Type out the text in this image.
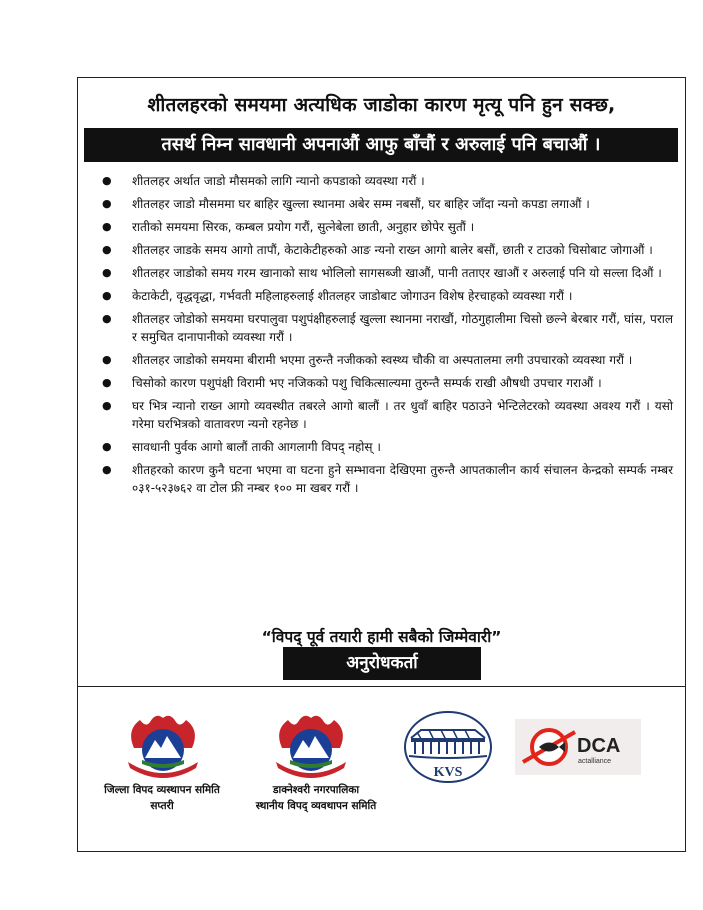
शीतलहरको समयमा अत्यधिक जाडोका कारण मृत्यू पनि हुन सक्छ,
तसर्थ निम्न सावधानी अपनाऔं आफु बाँचौं र अरुलाई पनि बचाऔं ।
● शीतलहर अर्थात जाडो मौसमको लागि न्यानो कपडाको व्यवस्था गरौं ।
● शीतलहर जाडो मौसममा घर बाहिर खुल्ला स्थानमा अबेर सम्म नबसौं, घर बाहिर जाँदा न्यनो कपडा लगाऔं ।
● रातीको समयमा सिरक, कम्बल प्रयोग गरौं, सुत्नेबेला छाती, अनुहार छोपेर सुतौं ।
● शीतलहर जाडके समय आगो तापौं, केटाकेटीहरुको आङ न्यनो राख्न आगो बालेर बसौं, छाती र टाउको चिसोबाट जोगाऔं ।
● शीतलहर जाडोको समय गरम खानाको साथ भोलिलो सागसब्जी खाऔं, पानी तताएर खाऔं र अरुलाई पनि यो सल्ला दिऔं ।
● केटाकेटी, वृद्धवृद्धा, गर्भवती महिलाहरुलाई शीतलहर जाडोबाट जोगाउन विशेष हेरचाहको व्यवस्था गरौं ।
● शीतलहर जोडोको समयमा घरपालुवा पशुपंक्षीहरुलाई खुल्ला स्थानमा नराखौं, गोठगुहालीमा चिसो छल्ने बेरबार गरौं, घांस, पराल र समुचित दानापानीको व्यवस्था गरौं ।
● शीतलहर जाडोको समयमा बीरामी भएमा तुरुन्तै नजीकको स्वस्थ्य चौकी वा अस्पतालमा लगी उपचारको व्यवस्था गरौं ।
● चिसोको कारण पशुपंक्षी विरामी भए नजिकको पशु चिकित्साल्यमा तुरुन्तै सम्पर्क राखी औषधी उपचार गराऔं ।
● घर भित्र न्यानो राख्न आगो व्यवस्थीत तबरले आगो बालौं । तर धुवाँ बाहिर पठाउने भेन्टिलेटरको व्यवस्था अवश्य गरौं । यसो गरेमा घरभित्रको वातावरण न्यनो रहनेछ ।
● सावधानी पुर्वक आगो बालौं ताकी आगलागी विपद् नहोस् ।
● शीतहरको कारण कुनै घटना भएमा वा घटना हुने सम्भावना देखिएमा तुरुन्तै आपतकालीन कार्य संचालन केन्द्रको सम्पर्क नम्बर ०३१-५२३७६२ वा टोल फ्री नम्बर १०० मा खबर गरौं ।
“विपद् पूर्व तयारी हामी सबैको जिम्मेवारी”
अनुरोधकर्ता
KVS
DCA
actalliance
जिल्ला विपद व्यस्थापन समिति
सप्तरी
डाक्नेश्वरी नगरपालिका
स्थानीय विपद् व्यवथापन समिति
